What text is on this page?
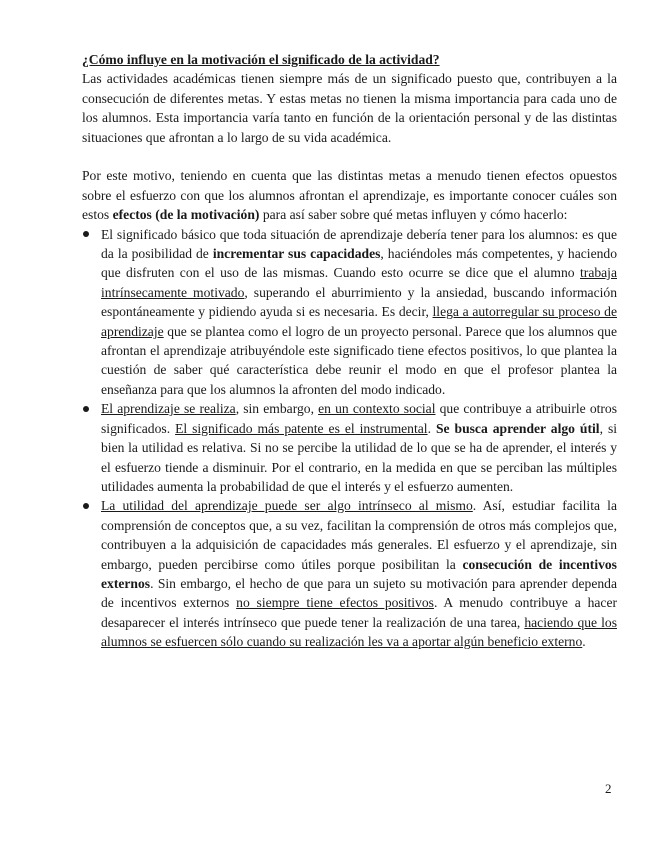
¿Cómo influye en la motivación el significado de la actividad?

Las actividades académicas tienen siempre más de un significado puesto que, contribuyen a la consecución de diferentes metas. Y estas metas no tienen la misma importancia para cada uno de los alumnos. Esta importancia varía tanto en función de la orientación personal y de las distintas situaciones que afrontan a lo largo de su vida académica.

Por este motivo, teniendo en cuenta que las distintas metas a menudo tienen efectos opuestos sobre el esfuerzo con que los alumnos afrontan el aprendizaje, es importante conocer cuáles son estos efectos (de la motivación) para así saber sobre qué metas influyen y cómo hacerlo:

El significado básico que toda situación de aprendizaje debería tener para los alumnos: es que da la posibilidad de incrementar sus capacidades, haciéndoles más competentes, y haciendo que disfruten con el uso de las mismas. Cuando esto ocurre se dice que el alumno trabaja intrínsecamente motivado, superando el aburrimiento y la ansiedad, buscando información espontáneamente y pidiendo ayuda si es necesaria. Es decir, llega a autorregular su proceso de aprendizaje que se plantea como el logro de un proyecto personal. Parece que los alumnos que afrontan el aprendizaje atribuyéndole este significado tiene efectos positivos, lo que plantea la cuestión de saber qué característica debe reunir el modo en que el profesor plantea la enseñanza para que los alumnos la afronten del modo indicado.
El aprendizaje se realiza, sin embargo, en un contexto social que contribuye a atribuirle otros significados. El significado más patente es el instrumental. Se busca aprender algo útil, si bien la utilidad es relativa. Si no se percibe la utilidad de lo que se ha de aprender, el interés y el esfuerzo tiende a disminuir. Por el contrario, en la medida en que se perciban las múltiples utilidades aumenta la probabilidad de que el interés y el esfuerzo aumenten.
La utilidad del aprendizaje puede ser algo intrínseco al mismo. Así, estudiar facilita la comprensión de conceptos que, a su vez, facilitan la comprensión de otros más complejos que, contribuyen a la adquisición de capacidades más generales. El esfuerzo y el aprendizaje, sin embargo, pueden percibirse como útiles porque posibilitan la consecución de incentivos externos. Sin embargo, el hecho de que para un sujeto su motivación para aprender dependa de incentivos externos no siempre tiene efectos positivos. A menudo contribuye a hacer desaparecer el interés intrínseco que puede tener la realización de una tarea, haciendo que los alumnos se esfuercen sólo cuando su realización les va a aportar algún beneficio externo.
2
